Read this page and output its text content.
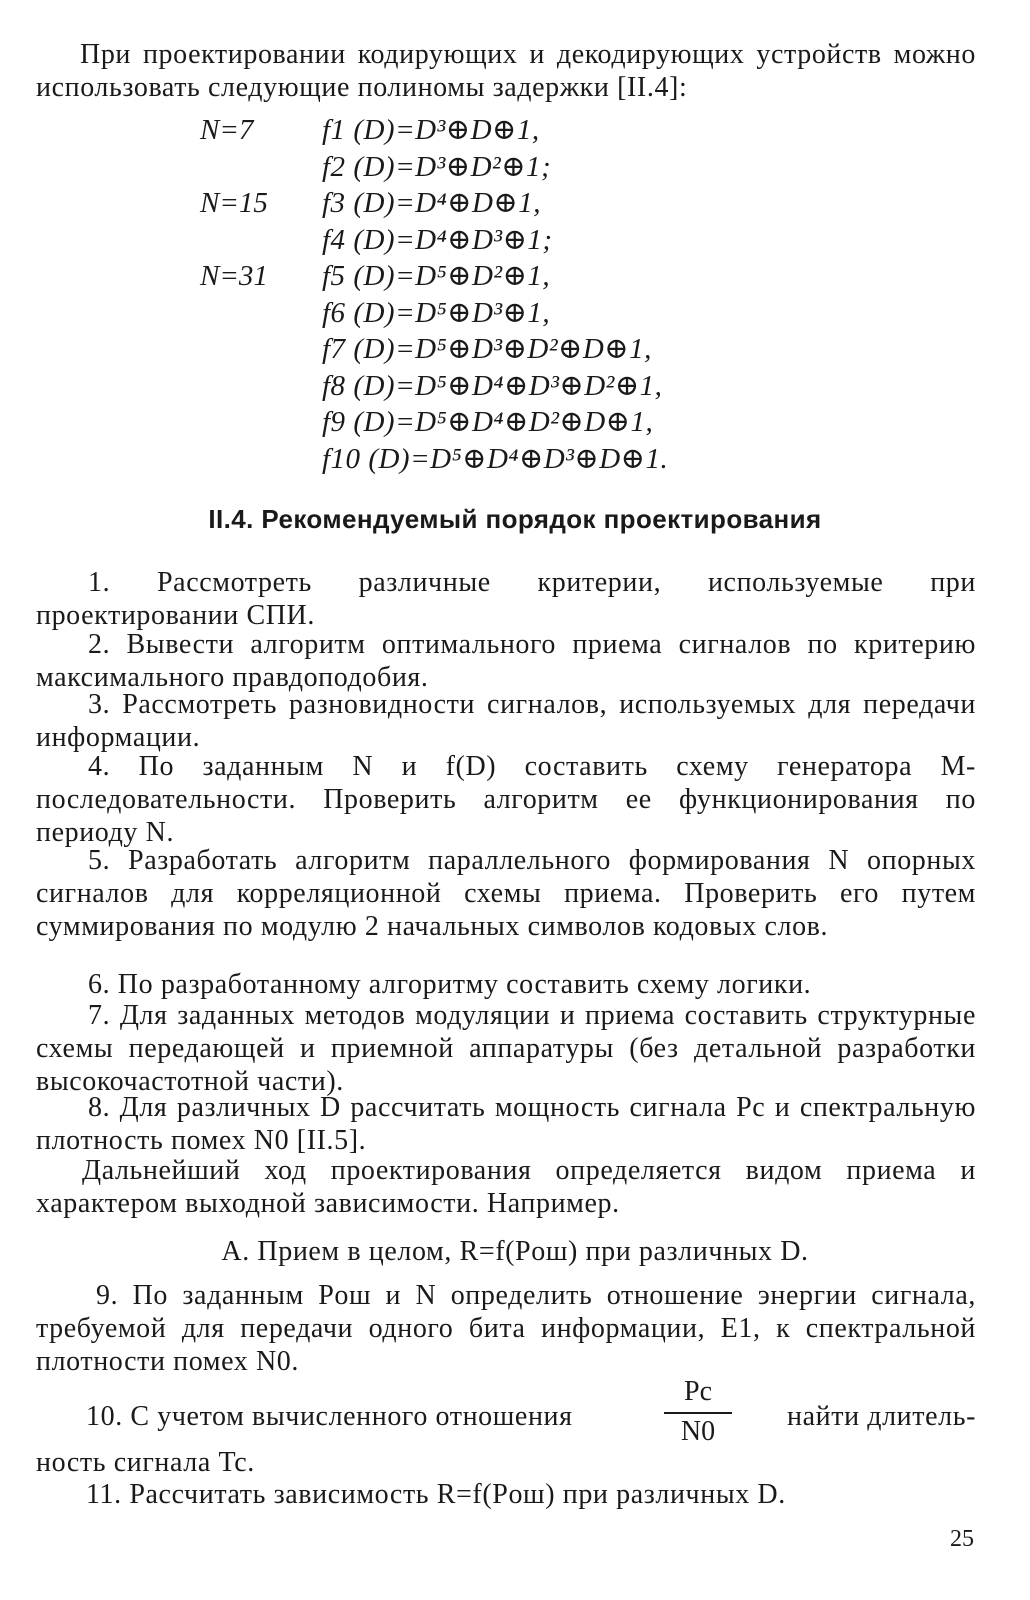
При проектировании кодирующих и декодирующих устройств можно использовать следующие полиномы задержки [II.4]:
N=7 f1 (D)=D³⊕D⊕1,
f2 (D)=D³⊕D²⊕1;
N=15 f3 (D)=D⁴⊕D⊕1,
f4 (D)=D⁴⊕D³⊕1;
N=31 f5 (D)=D⁵⊕D²⊕1,
f6 (D)=D⁵⊕D³⊕1,
f7 (D)=D⁵⊕D³⊕D²⊕D⊕1,
f8 (D)=D⁵⊕D⁴⊕D³⊕D²⊕1,
f9 (D)=D⁵⊕D⁴⊕D²⊕D⊕1,
f10 (D)=D⁵⊕D⁴⊕D³⊕D⊕1.
II.4. Рекомендуемый порядок проектирования
1. Рассмотреть различные критерии, используемые при проектировании СПИ.
2. Вывести алгоритм оптимального приема сигналов по критерию максимального правдоподобия.
3. Рассмотреть разновидности сигналов, используемых для передачи информации.
4. По заданным N и f(D) составить схему генератора M-последовательности. Проверить алгоритм ее функционирования по периоду N.
5. Разработать алгоритм параллельного формирования N опорных сигналов для корреляционной схемы приема. Проверить его путем суммирования по модулю 2 начальных символов кодовых слов.
6. По разработанному алгоритму составить схему логики.
7. Для заданных методов модуляции и приема составить структурные схемы передающей и приемной аппаратуры (без детальной разработки высокочастотной части).
8. Для различных D рассчитать мощность сигнала Pc и спектральную плотность помех N0 [II.5].
Дальнейший ход проектирования определяется видом приема и характером выходной зависимости. Например.
А. Прием в целом, R=f(Pош) при различных D.
9. По заданным Pош и N определить отношение энергии сигнала, требуемой для передачи одного бита информации, E1, к спектральной плотности помех N0.
10. С учетом вычисленного отношения
Pc
N0	найти длитель-
ность сигнала Tc.
11. Рассчитать зависимость R=f(Pош) при различных D.
25
